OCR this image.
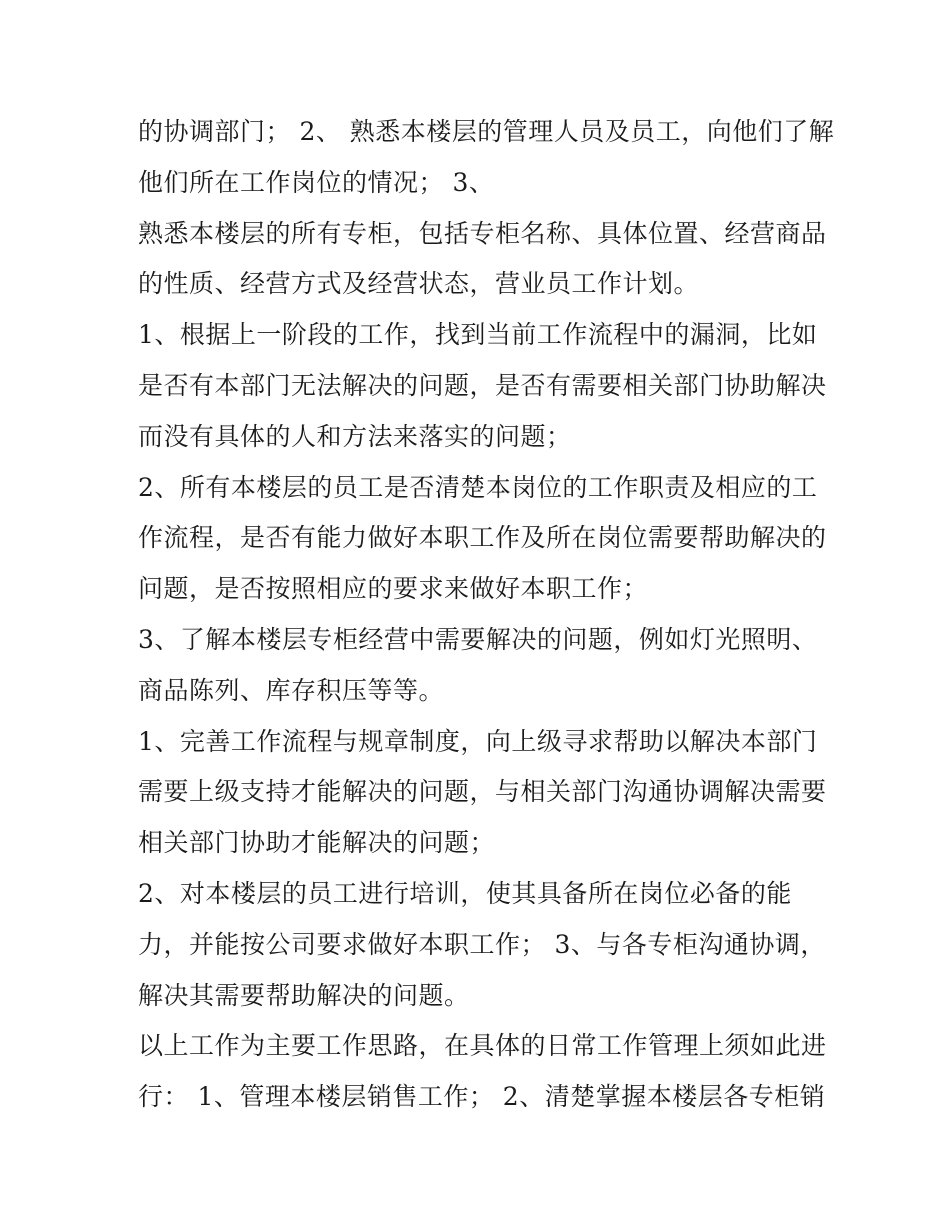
的协调部门； 2、 熟悉本楼层的管理人员及员工，向他们了解
他们所在工作岗位的情况； 3、
熟悉本楼层的所有专柜，包括专柜名称、具体位置、经营商品
的性质、经营方式及经营状态，营业员工作计划。
1、根据上一阶段的工作，找到当前工作流程中的漏洞，比如
是否有本部门无法解决的问题，是否有需要相关部门协助解决
而没有具体的人和方法来落实的问题；
2、所有本楼层的员工是否清楚本岗位的工作职责及相应的工
作流程，是否有能力做好本职工作及所在岗位需要帮助解决的
问题，是否按照相应的要求来做好本职工作；
3、了解本楼层专柜经营中需要解决的问题，例如灯光照明、
商品陈列、库存积压等等。
1、完善工作流程与规章制度，向上级寻求帮助以解决本部门
需要上级支持才能解决的问题，与相关部门沟通协调解决需要
相关部门协助才能解决的问题；
2、对本楼层的员工进行培训，使其具备所在岗位必备的能
力，并能按公司要求做好本职工作； 3、与各专柜沟通协调，
解决其需要帮助解决的问题。
以上工作为主要工作思路，在具体的日常工作管理上须如此进
行： 1、管理本楼层销售工作； 2、清楚掌握本楼层各专柜销
